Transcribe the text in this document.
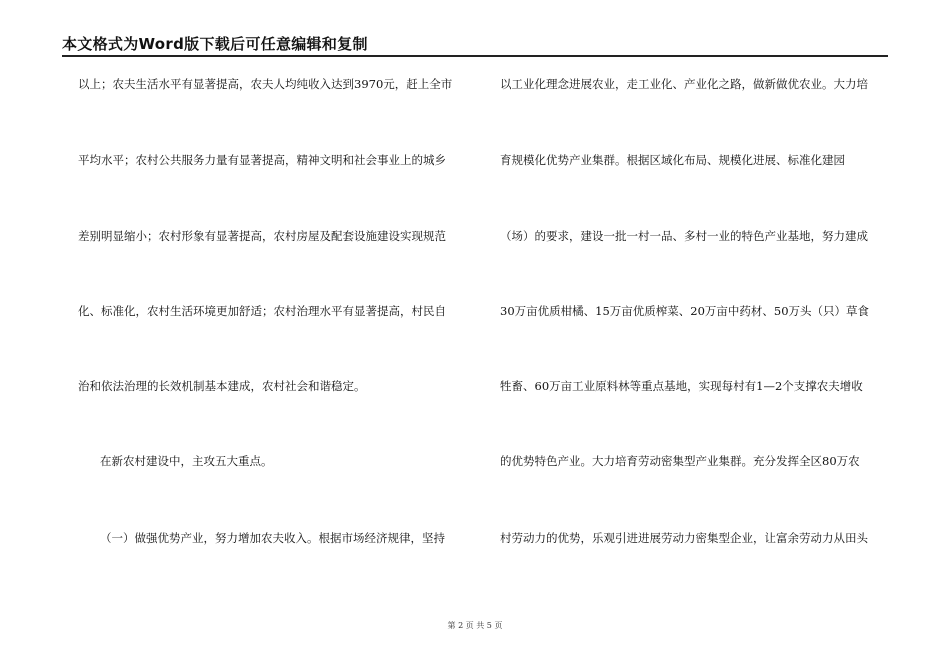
本文格式为Word版下载后可任意编辑和复制
以上；农夫生活水平有显著提高，农夫人均纯收入达到3970元，赶上全市
平均水平；农村公共服务力量有显著提高，精神文明和社会事业上的城乡
差别明显缩小；农村形象有显著提高，农村房屋及配套设施建设实现规范
化、标准化，农村生活环境更加舒适；农村治理水平有显著提高，村民自
治和依法治理的长效机制基本建成，农村社会和谐稳定。
在新农村建设中，主攻五大重点。
（一）做强优势产业，努力增加农夫收入。根据市场经济规律，坚持
以工业化理念进展农业，走工业化、产业化之路，做新做优农业。大力培
育规模化优势产业集群。根据区域化布局、规模化进展、标准化建园
（场）的要求，建设一批一村一品、多村一业的特色产业基地，努力建成
30万亩优质柑橘、15万亩优质榨菜、20万亩中药材、50万头（只）草食
牲畜、60万亩工业原料林等重点基地，实现每村有1—2个支撑农夫增收
的优势特色产业。大力培育劳动密集型产业集群。充分发挥全区80万农
村劳动力的优势，乐观引进进展劳动力密集型企业，让富余劳动力从田头
第 2 页 共 5 页
